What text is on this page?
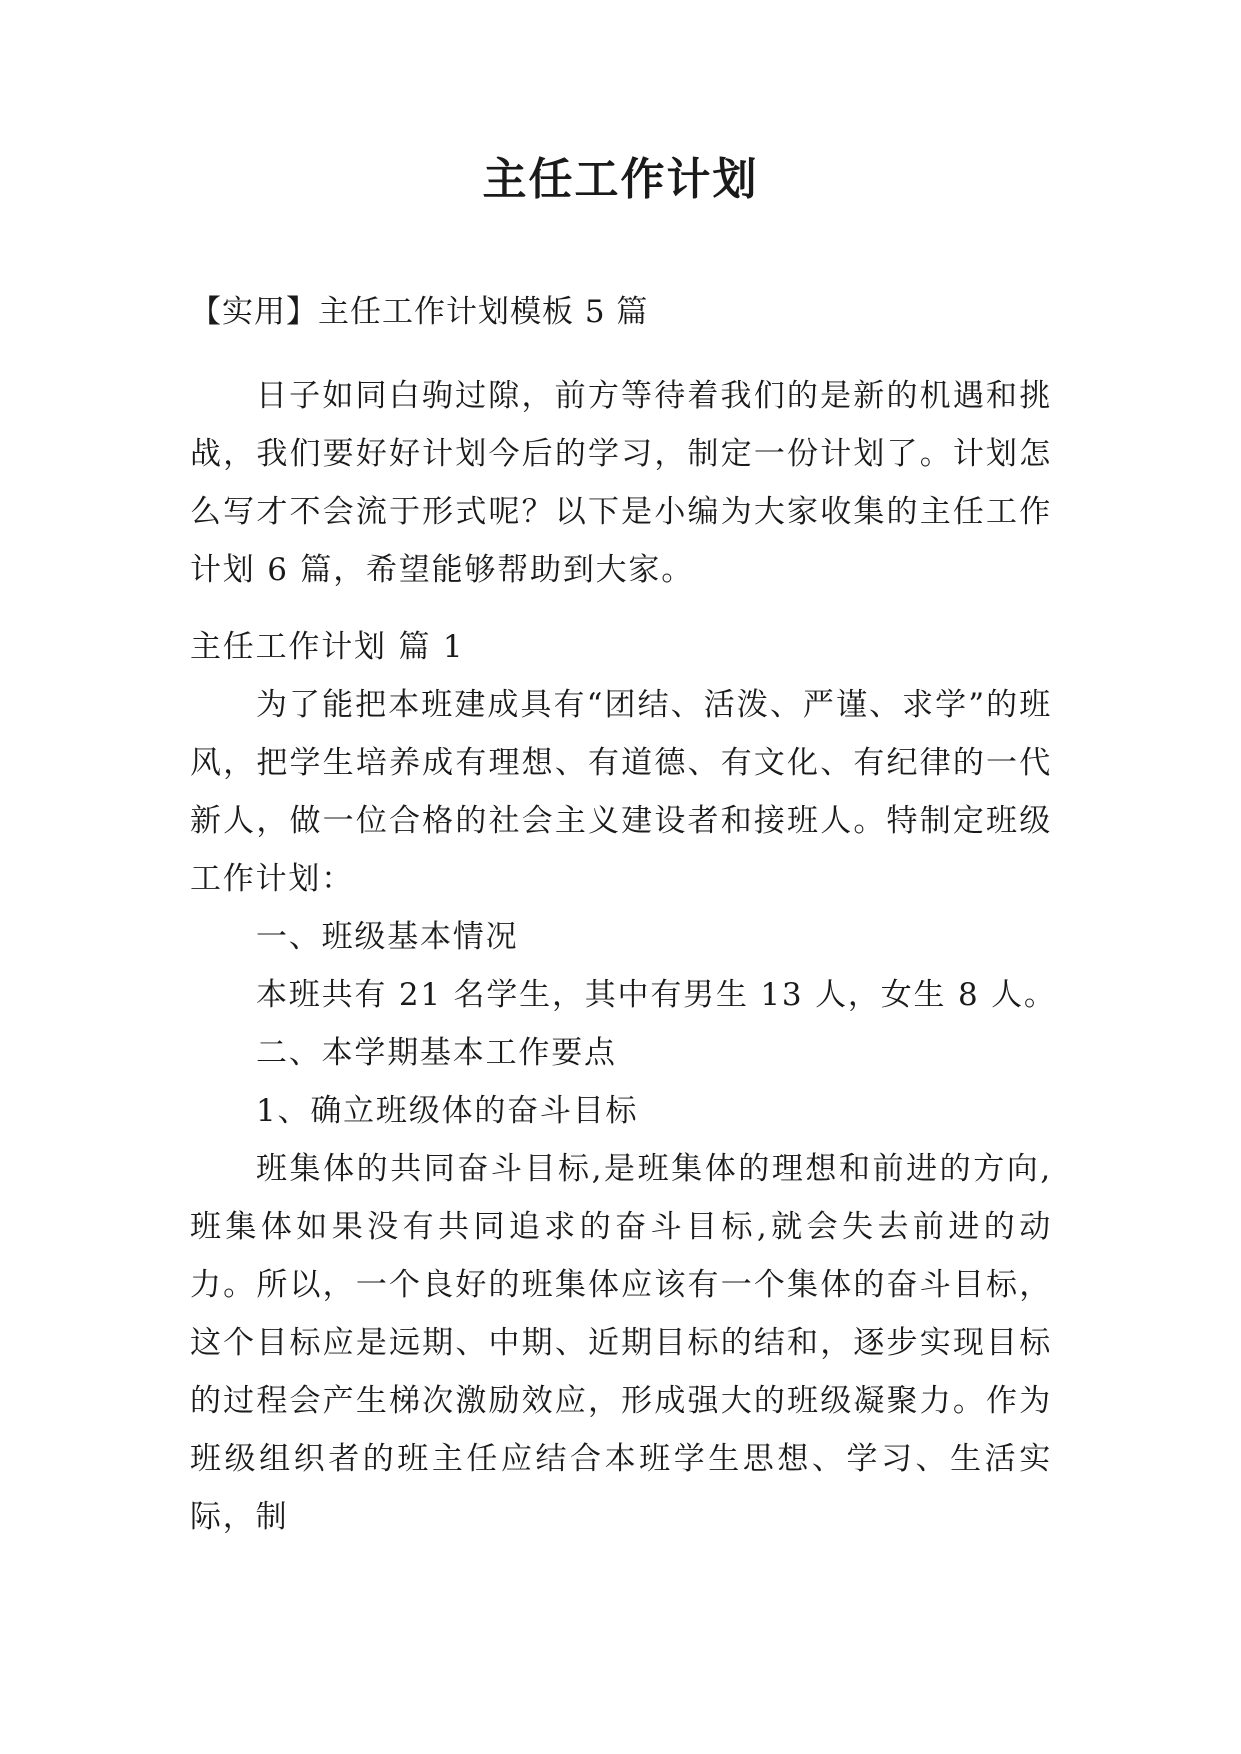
主任工作计划
【实用】主任工作计划模板 5 篇

日子如同白驹过隙，前方等待着我们的是新的机遇和挑战，我们要好好计划今后的学习，制定一份计划了。计划怎么写才不会流于形式呢？以下是小编为大家收集的主任工作计划 6 篇，希望能够帮助到大家。

主任工作计划 篇 1

为了能把本班建成具有“团结、活泼、严谨、求学”的班风，把学生培养成有理想、有道德、有文化、有纪律的一代新人，做一位合格的社会主义建设者和接班人。特制定班级工作计划：

一、班级基本情况

本班共有 21 名学生，其中有男生 13 人，女生 8 人。

二、本学期基本工作要点

1、确立班级体的奋斗目标

班集体的共同奋斗目标,是班集体的理想和前进的方向,班集体如果没有共同追求的奋斗目标,就会失去前进的动力。所以，一个良好的班集体应该有一个集体的奋斗目标，这个目标应是远期、中期、近期目标的结和，逐步实现目标的过程会产生梯次激励效应，形成强大的班级凝聚力。作为班级组织者的班主任应结合本班学生思想、学习、生活实际，制
